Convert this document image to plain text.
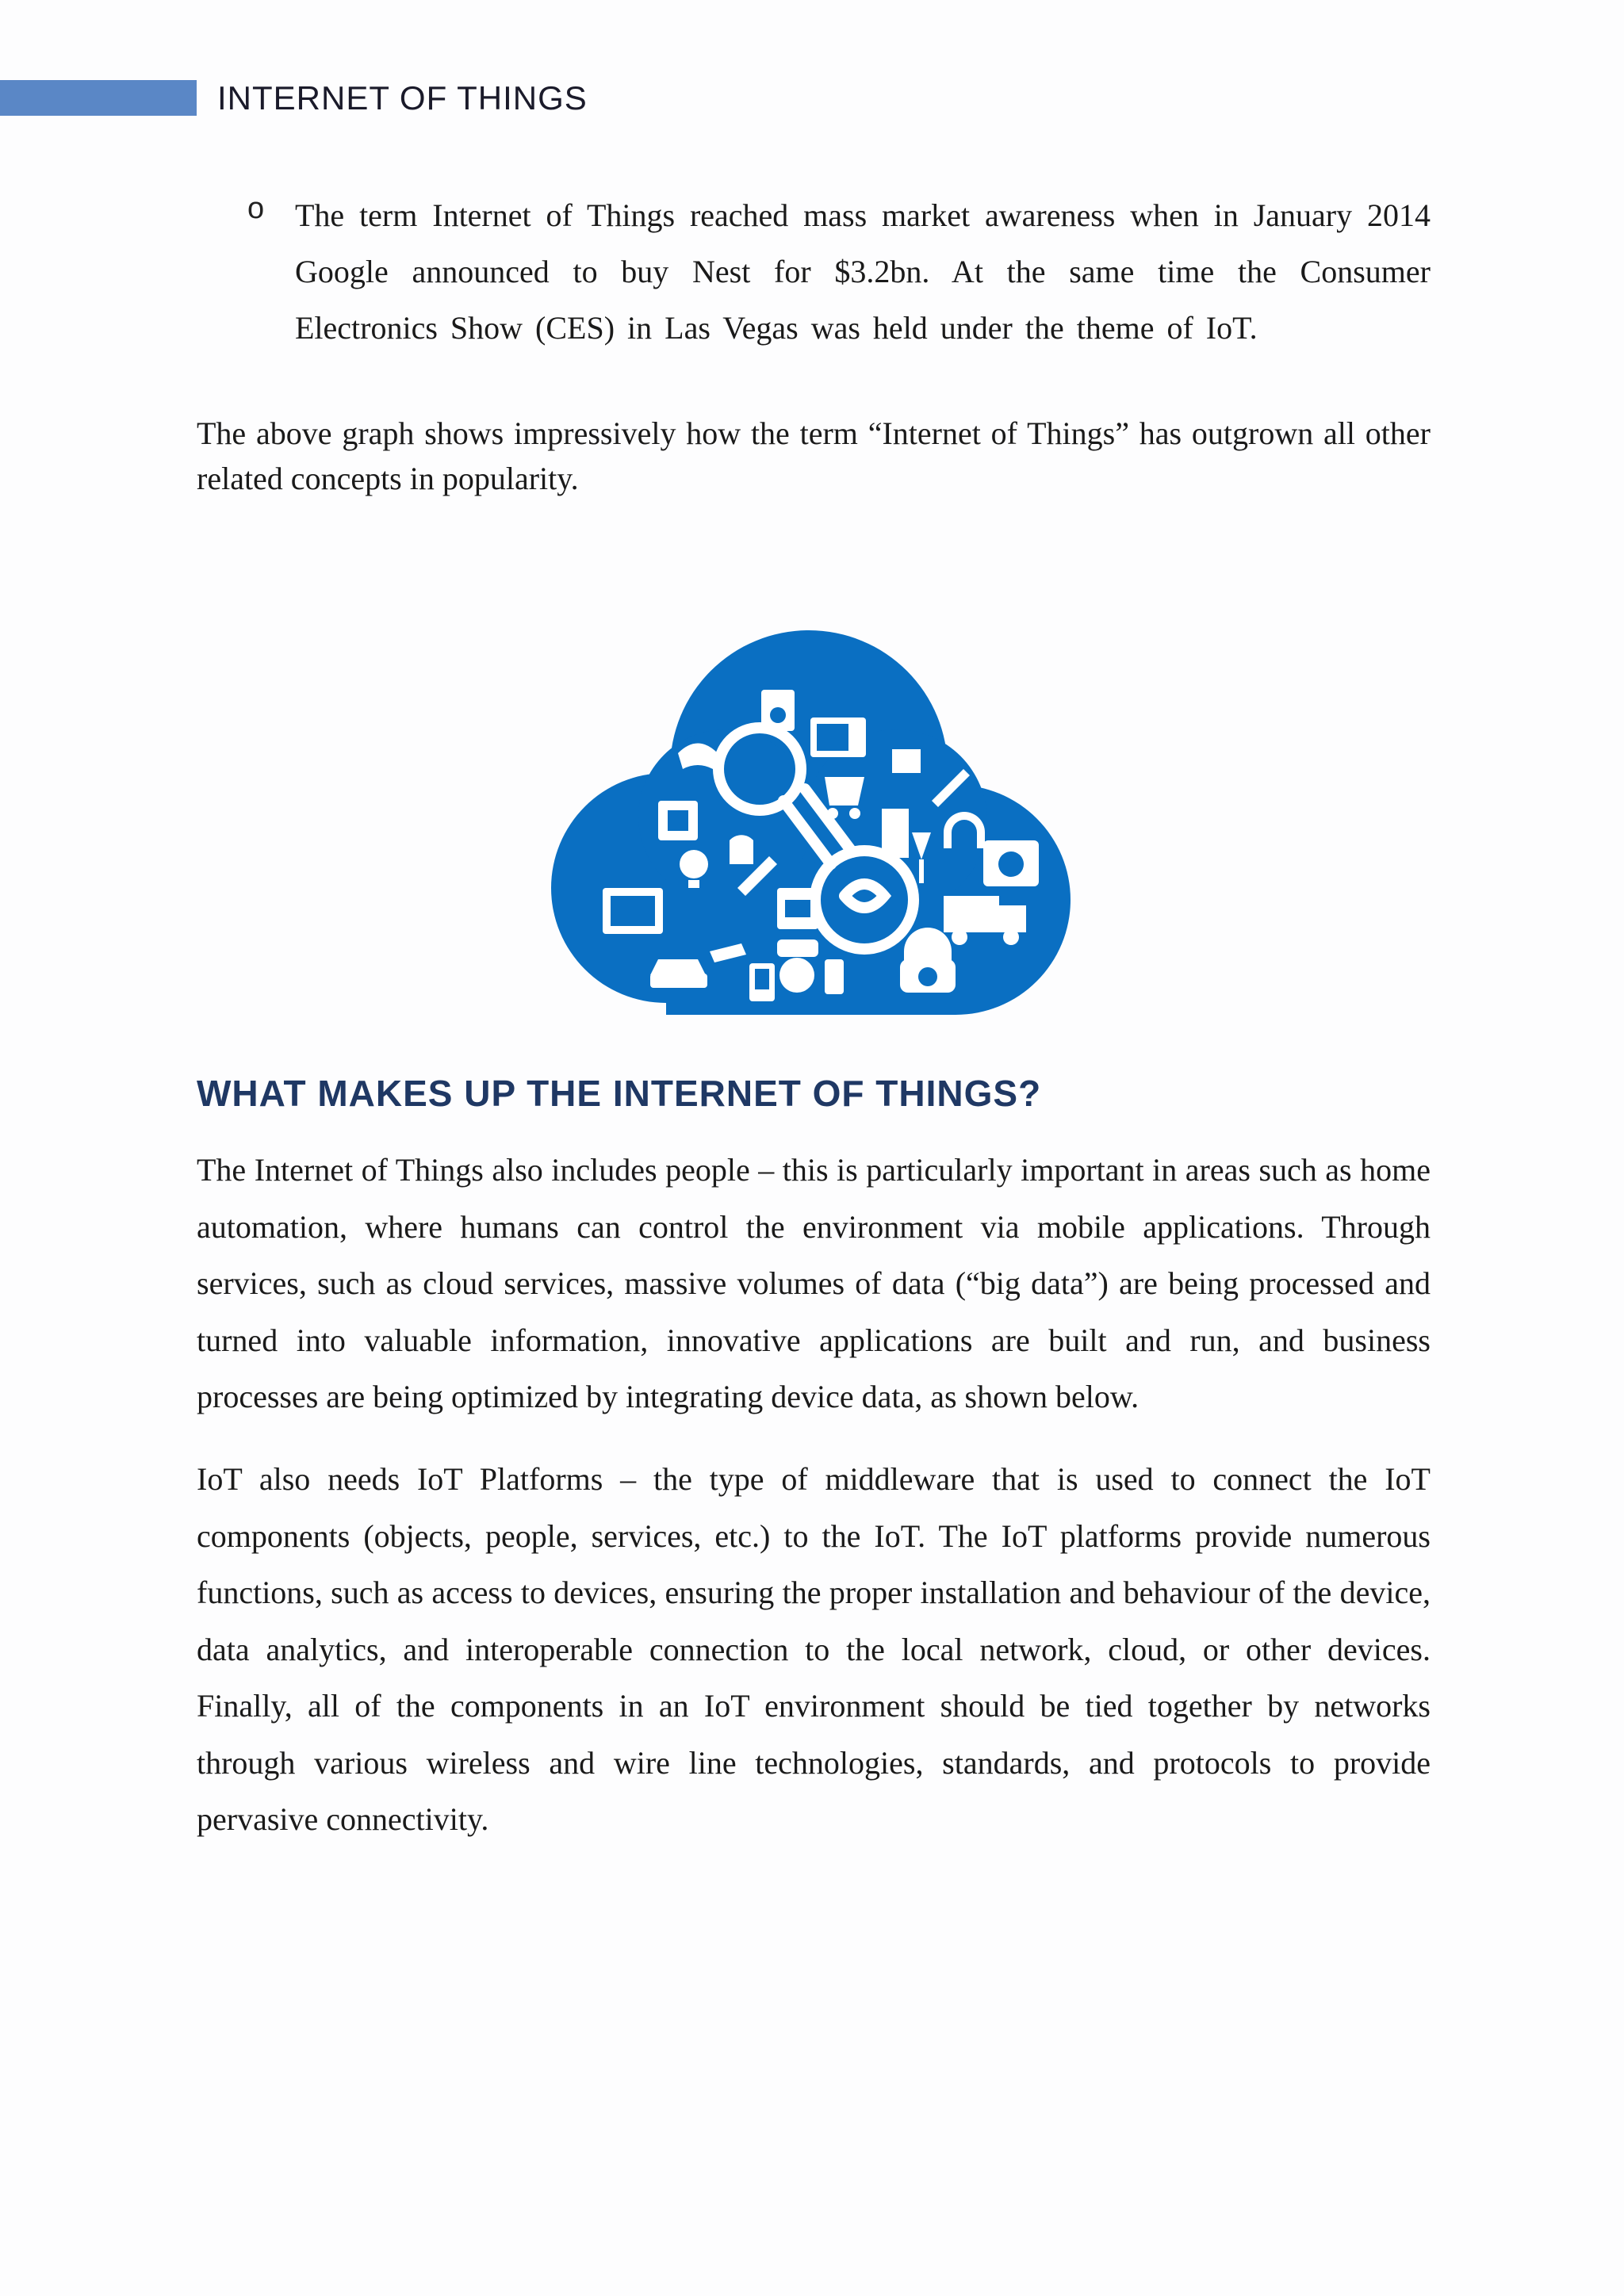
INTERNET OF THINGS
o The term Internet of Things reached mass market awareness when in January 2014 Google announced to buy Nest for $3.2bn. At the same time the Consumer Electronics Show (CES) in Las Vegas was held under the theme of IoT.

The above graph shows impressively how the term “Internet of Things” has outgrown all other related concepts in popularity.

WHAT MAKES UP THE INTERNET OF THINGS?

The Internet of Things also includes people – this is particularly important in areas such as home automation, where humans can control the environment via mobile applications. Through services, such as cloud services, massive volumes of data (“big data”) are being processed and turned into valuable information, innovative applications are built and run, and business processes are being optimized by integrating device data, as shown below.

IoT also needs IoT Platforms – the type of middleware that is used to connect the IoT components (objects, people, services, etc.) to the IoT. The IoT platforms provide numerous functions, such as access to devices, ensuring the proper installation and behaviour of the device, data analytics, and interoperable connection to the local network, cloud, or other devices. Finally, all of the components in an IoT environment should be tied together by networks through various wireless and wire line technologies, standards, and protocols to provide pervasive connectivity.
